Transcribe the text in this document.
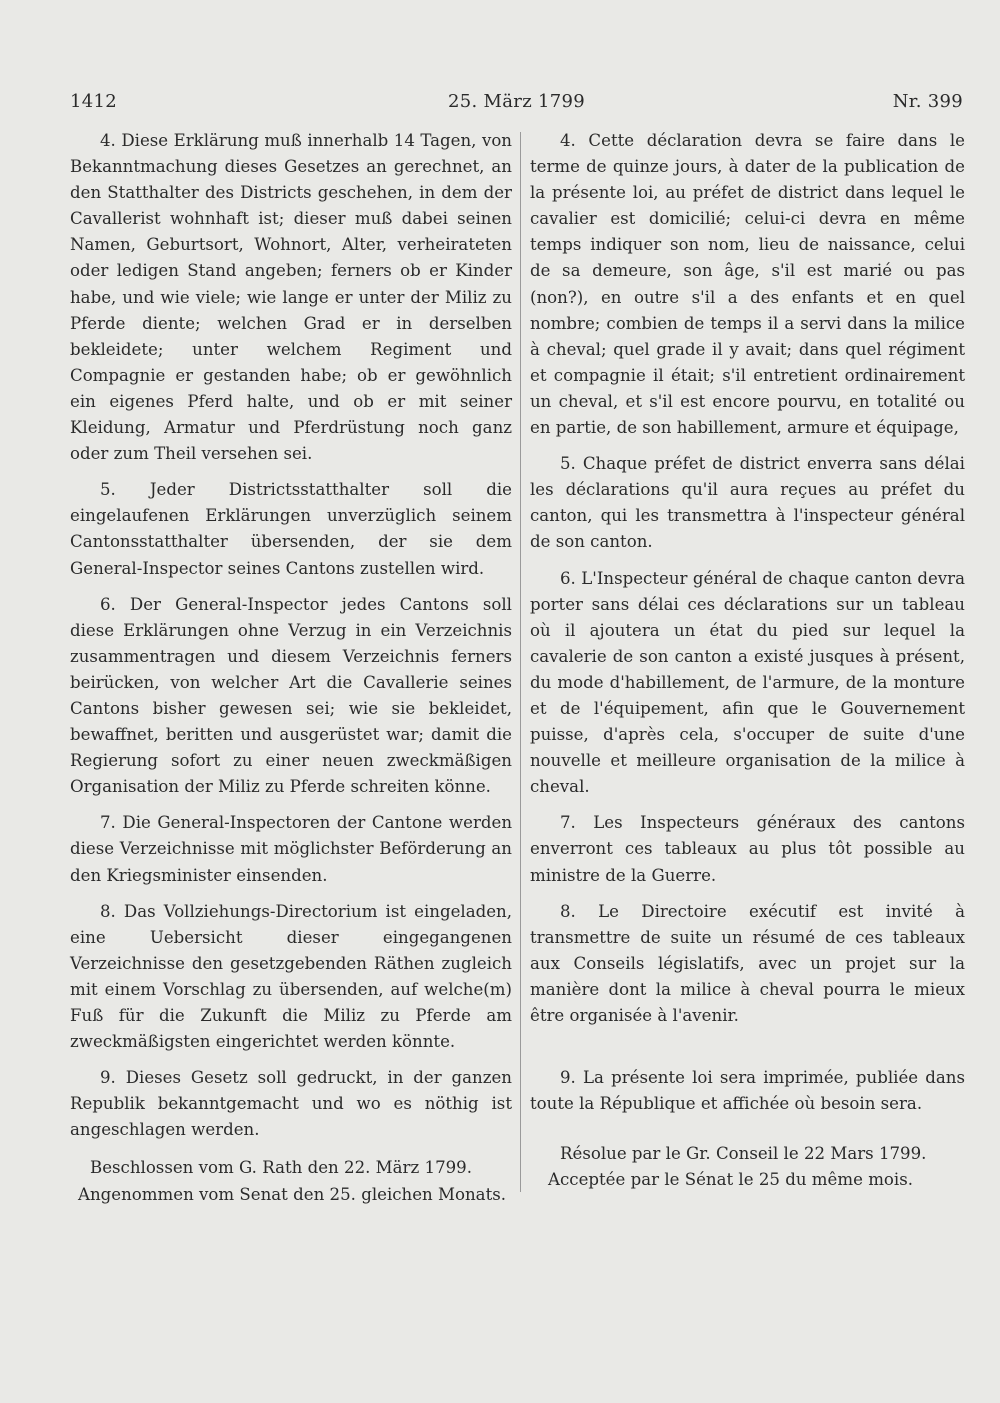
1412	25. März 1799	Nr. 399

4. Diese Erklärung muß innerhalb 14 Tagen, von Bekanntmachung dieses Gesetzes an gerechnet, an den Statthalter des Districts geschehen, in dem der Cavallerist wohnhaft ist; dieser muß dabei seinen Namen, Geburtsort, Wohnort, Alter, verheirateten oder ledigen Stand angeben; ferners ob er Kinder habe, und wie viele; wie lange er unter der Miliz zu Pferde diente; welchen Grad er in derselben bekleidete; unter welchem Regiment und Compagnie er gestanden habe; ob er gewöhnlich ein eigenes Pferd halte, und ob er mit seiner Kleidung, Armatur und Pferdrüstung noch ganz oder zum Theil versehen sei.

5. Jeder Districtsstatthalter soll die eingelaufenen Erklärungen unverzüglich seinem Cantonsstatthalter übersenden, der sie dem General-Inspector seines Cantons zustellen wird.

6. Der General-Inspector jedes Cantons soll diese Erklärungen ohne Verzug in ein Verzeichnis zusammentragen und diesem Verzeichnis ferners beirücken, von welcher Art die Cavallerie seines Cantons bisher gewesen sei; wie sie bekleidet, bewaffnet, beritten und ausgerüstet war; damit die Regierung sofort zu einer neuen zweckmäßigen Organisation der Miliz zu Pferde schreiten könne.

7. Die General-Inspectoren der Cantone werden diese Verzeichnisse mit möglichster Beförderung an den Kriegsminister einsenden.

8. Das Vollziehungs-Directorium ist eingeladen, eine Uebersicht dieser eingegangenen Verzeichnisse den gesetzgebenden Räthen zugleich mit einem Vorschlag zu übersenden, auf welche(m) Fuß für die Zukunft die Miliz zu Pferde am zweckmäßigsten eingerichtet werden könnte.

9. Dieses Gesetz soll gedruckt, in der ganzen Republik bekanntgemacht und wo es nöthig ist angeschlagen werden.

Beschlossen vom G. Rath den 22. März 1799.
Angenommen vom Senat den 25. gleichen Monats.

4. Cette déclaration devra se faire dans le terme de quinze jours, à dater de la publication de la présente loi, au préfet de district dans lequel le cavalier est domicilié; celui-ci devra en même temps indiquer son nom, lieu de naissance, celui de sa demeure, son âge, s'il est marié ou pas (non?), en outre s'il a des enfants et en quel nombre; combien de temps il a servi dans la milice à cheval; quel grade il y avait; dans quel régiment et compagnie il était; s'il entretient ordinairement un cheval, et s'il est encore pourvu, en totalité ou en partie, de son habillement, armure et équipage,

5. Chaque préfet de district enverra sans délai les déclarations qu'il aura reçues au préfet du canton, qui les transmettra à l'inspecteur général de son canton.

6. L'Inspecteur général de chaque canton devra porter sans délai ces déclarations sur un tableau où il ajoutera un état du pied sur lequel la cavalerie de son canton a existé jusques à présent, du mode d'habillement, de l'armure, de la monture et de l'équipement, afin que le Gouvernement puisse, d'après cela, s'occuper de suite d'une nouvelle et meilleure organisation de la milice à cheval.

7. Les Inspecteurs généraux des cantons enverront ces tableaux au plus tôt possible au ministre de la Guerre.

8. Le Directoire exécutif est invité à transmettre de suite un résumé de ces tableaux aux Conseils législatifs, avec un projet sur la manière dont la milice à cheval pourra le mieux être organisée à l'avenir.

9. La présente loi sera imprimée, publiée dans toute la République et affichée où besoin sera.

Résolue par le Gr. Conseil le 22 Mars 1799.
Acceptée par le Sénat le 25 du même mois.
